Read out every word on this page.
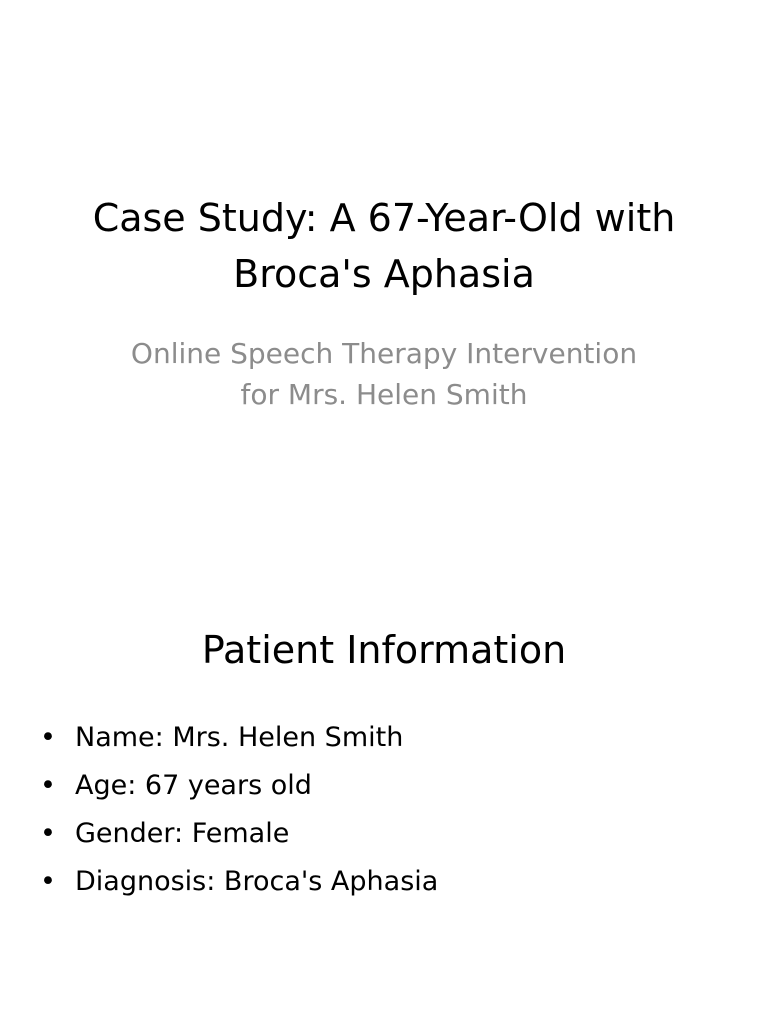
Case Study: A 67-Year-Old with
Broca's Aphasia
Online Speech Therapy Intervention
for Mrs. Helen Smith
Patient Information
• Name: Mrs. Helen Smith
• Age: 67 years old
• Gender: Female
• Diagnosis: Broca's Aphasia
